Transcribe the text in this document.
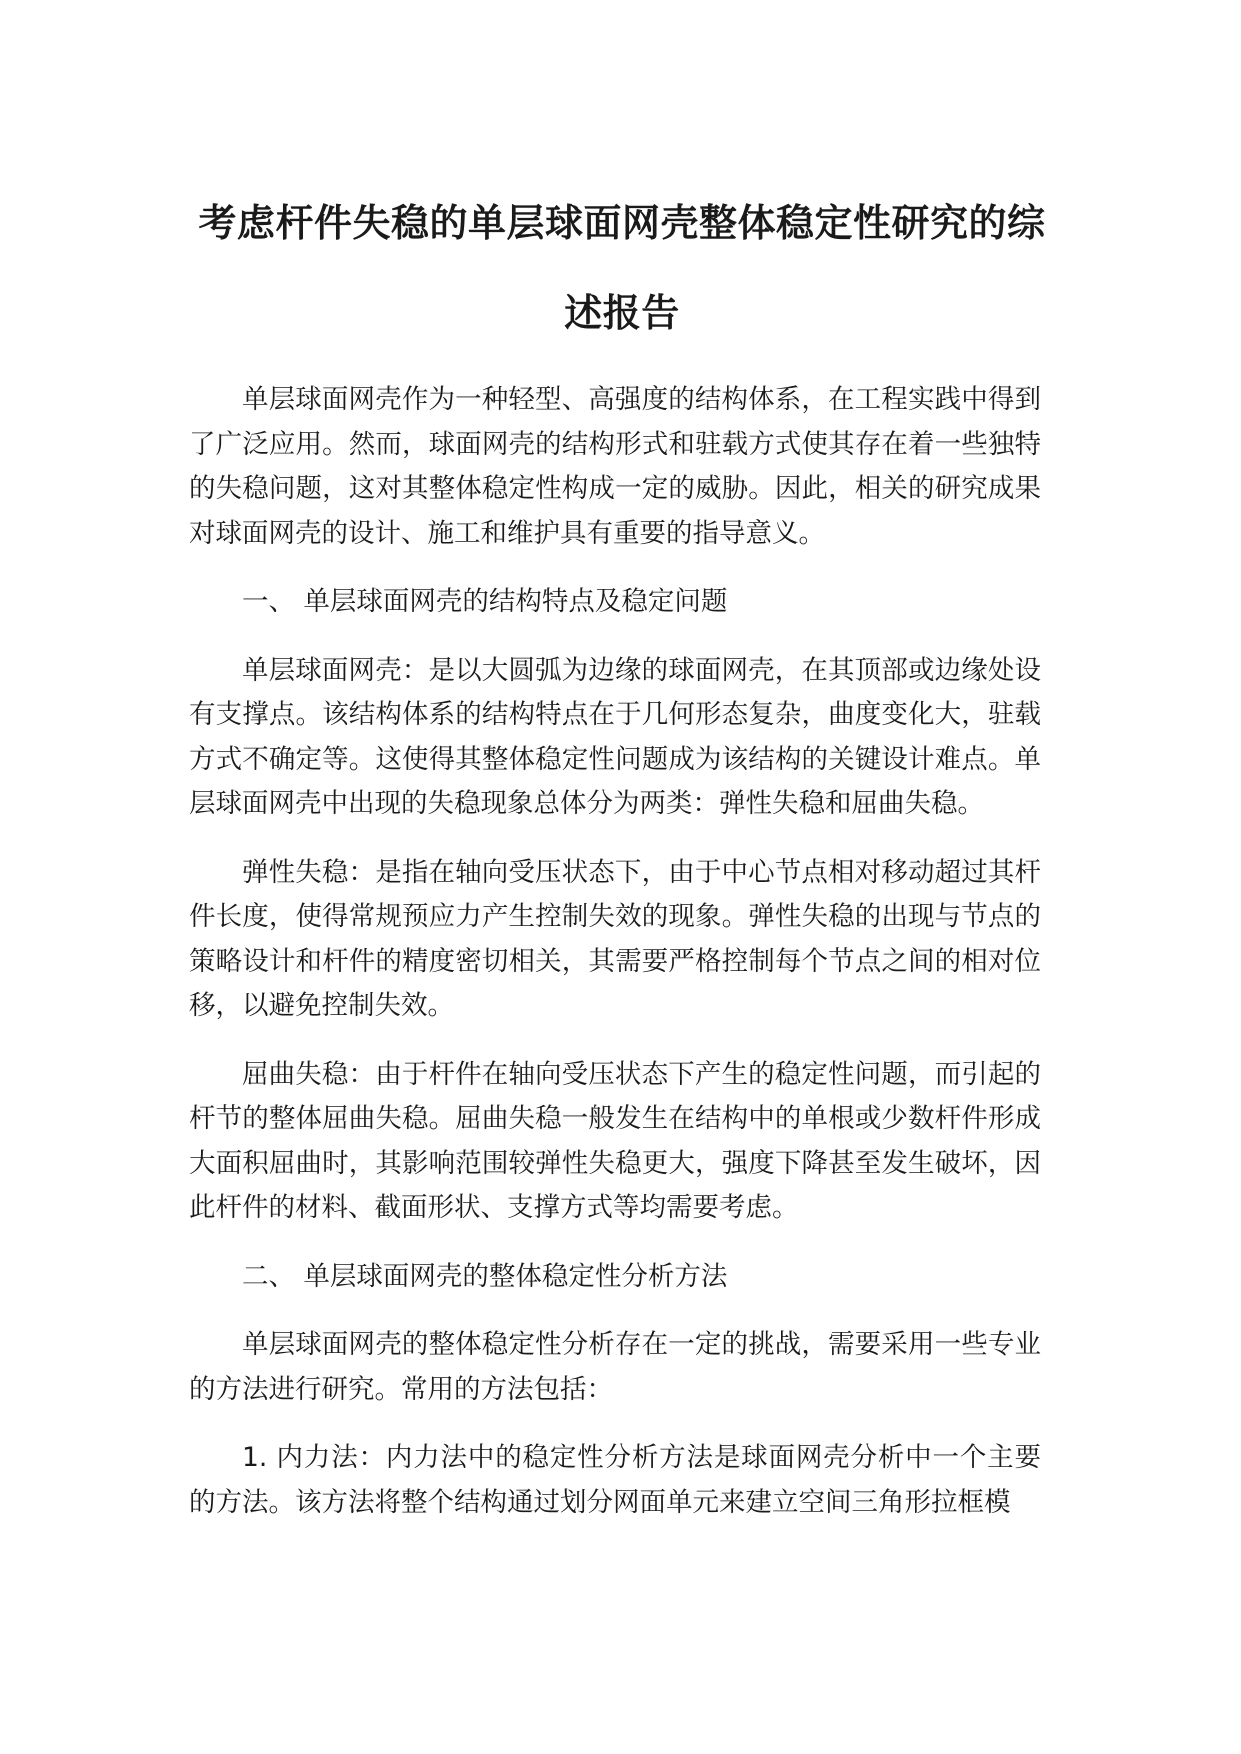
考虑杆件失稳的单层球面网壳整体稳定性研究的综述报告

单层球面网壳作为一种轻型、高强度的结构体系，在工程实践中得到了广泛应用。然而，球面网壳的结构形式和驻载方式使其存在着一些独特的失稳问题，这对其整体稳定性构成一定的威胁。因此，相关的研究成果对球面网壳的设计、施工和维护具有重要的指导意义。

一、 单层球面网壳的结构特点及稳定问题

单层球面网壳：是以大圆弧为边缘的球面网壳，在其顶部或边缘处设有支撑点。该结构体系的结构特点在于几何形态复杂，曲度变化大，驻载方式不确定等。这使得其整体稳定性问题成为该结构的关键设计难点。单层球面网壳中出现的失稳现象总体分为两类：弹性失稳和屈曲失稳。

弹性失稳：是指在轴向受压状态下，由于中心节点相对移动超过其杆件长度，使得常规预应力产生控制失效的现象。弹性失稳的出现与节点的策略设计和杆件的精度密切相关，其需要严格控制每个节点之间的相对位移，以避免控制失效。

屈曲失稳：由于杆件在轴向受压状态下产生的稳定性问题，而引起的杆节的整体屈曲失稳。屈曲失稳一般发生在结构中的单根或少数杆件形成大面积屈曲时，其影响范围较弹性失稳更大，强度下降甚至发生破坏，因此杆件的材料、截面形状、支撑方式等均需要考虑。

二、 单层球面网壳的整体稳定性分析方法

单层球面网壳的整体稳定性分析存在一定的挑战，需要采用一些专业的方法进行研究。常用的方法包括：

1. 内力法：内力法中的稳定性分析方法是球面网壳分析中一个主要的方法。该方法将整个结构通过划分网面单元来建立空间三角形拉框模
